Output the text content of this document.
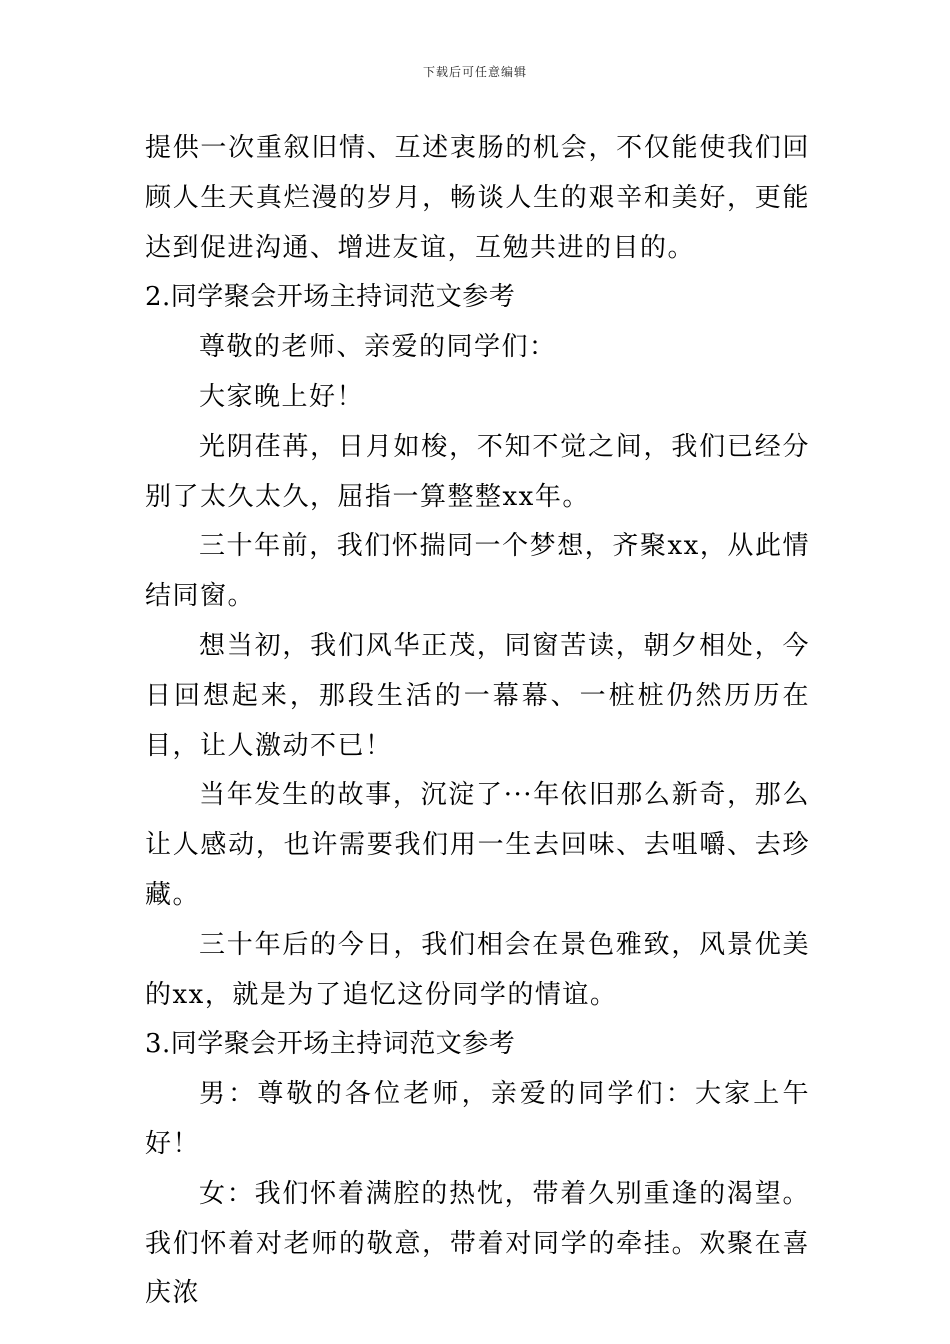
下载后可任意编辑

提供一次重叙旧情、互述衷肠的机会，不仅能使我们回顾人生天真烂漫的岁月，畅谈人生的艰辛和美好，更能达到促进沟通、增进友谊，互勉共进的目的。

2.同学聚会开场主持词范文参考

尊敬的老师、亲爱的同学们：

大家晚上好！

光阴荏苒，日月如梭，不知不觉之间，我们已经分别了太久太久，屈指一算整整xx年。

三十年前，我们怀揣同一个梦想，齐聚xx，从此情结同窗。

想当初，我们风华正茂，同窗苦读，朝夕相处，今日回想起来，那段生活的一幕幕、一桩桩仍然历历在目，让人激动不已！

当年发生的故事，沉淀了···年依旧那么新奇，那么让人感动，也许需要我们用一生去回味、去咀嚼、去珍藏。

三十年后的今日，我们相会在景色雅致，风景优美的xx，就是为了追忆这份同学的情谊。

3.同学聚会开场主持词范文参考

男：尊敬的各位老师，亲爱的同学们：大家上午好！

女：我们怀着满腔的热忱，带着久别重逢的渴望。我们怀着对老师的敬意，带着对同学的牵挂。欢聚在喜庆浓
